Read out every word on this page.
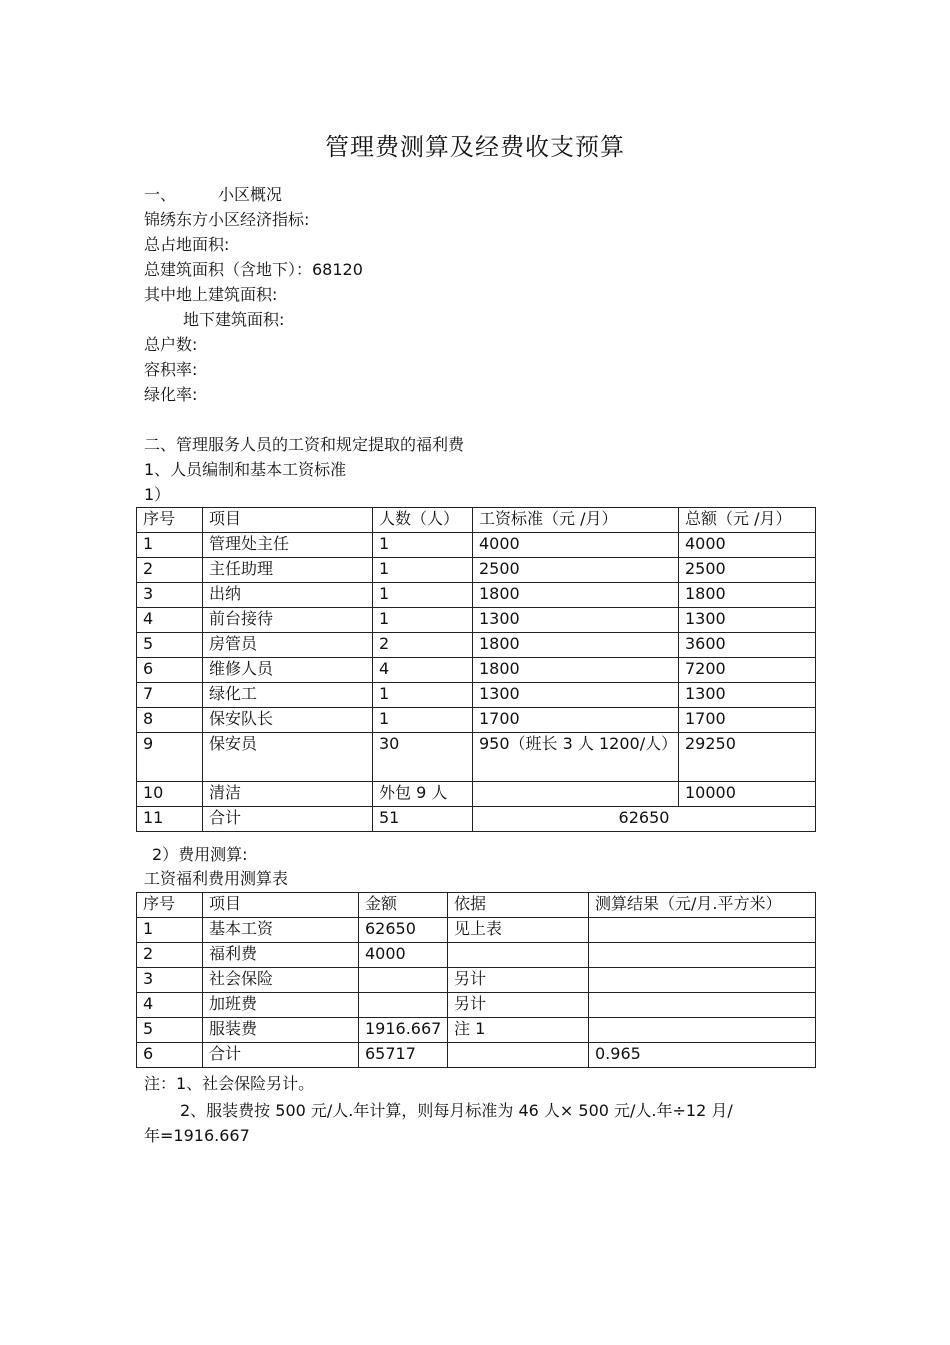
管理费测算及经费收支预算
一、	小区概况
锦绣东方小区经济指标:
总占地面积:
总建筑面积（含地下）：68120
其中地上建筑面积:
地下建筑面积:
总户数:
容积率:
绿化率:
二、管理服务人员的工资和规定提取的福利费
1、人员编制和基本工资标准
1）
序号	项目	人数（人）	工资标准（元 /月）	总额（元 /月）
1	管理处主任	1	4000	4000
2	主任助理	1	2500	2500
3	出纳	1	1800	1800
4	前台接待	1	1300	1300
5	房管员	2	1800	3600
6	维修人员	4	1800	7200
7	绿化工	1	1300	1300
8	保安队长	1	1700	1700
9	保安员	30	950（班长 3 人 1200/人）	29250
10	清洁	外包 9 人		10000
11	合计	51	62650	
2）费用测算:
工资福利费用测算表
序号	项目	金额	依据	测算结果（元/月.平方米）
1	基本工资	62650	见上表	
2	福利费	4000		
3	社会保险		另计	
4	加班费		另计	
5	服装费	1916.667	注 1	
6	合计	65717		0.965
注：1、社会保险另计。
2、服装费按 500 元/人.年计算，则每月标准为 46 人× 500 元/人.年÷12 月/
年=1916.667
